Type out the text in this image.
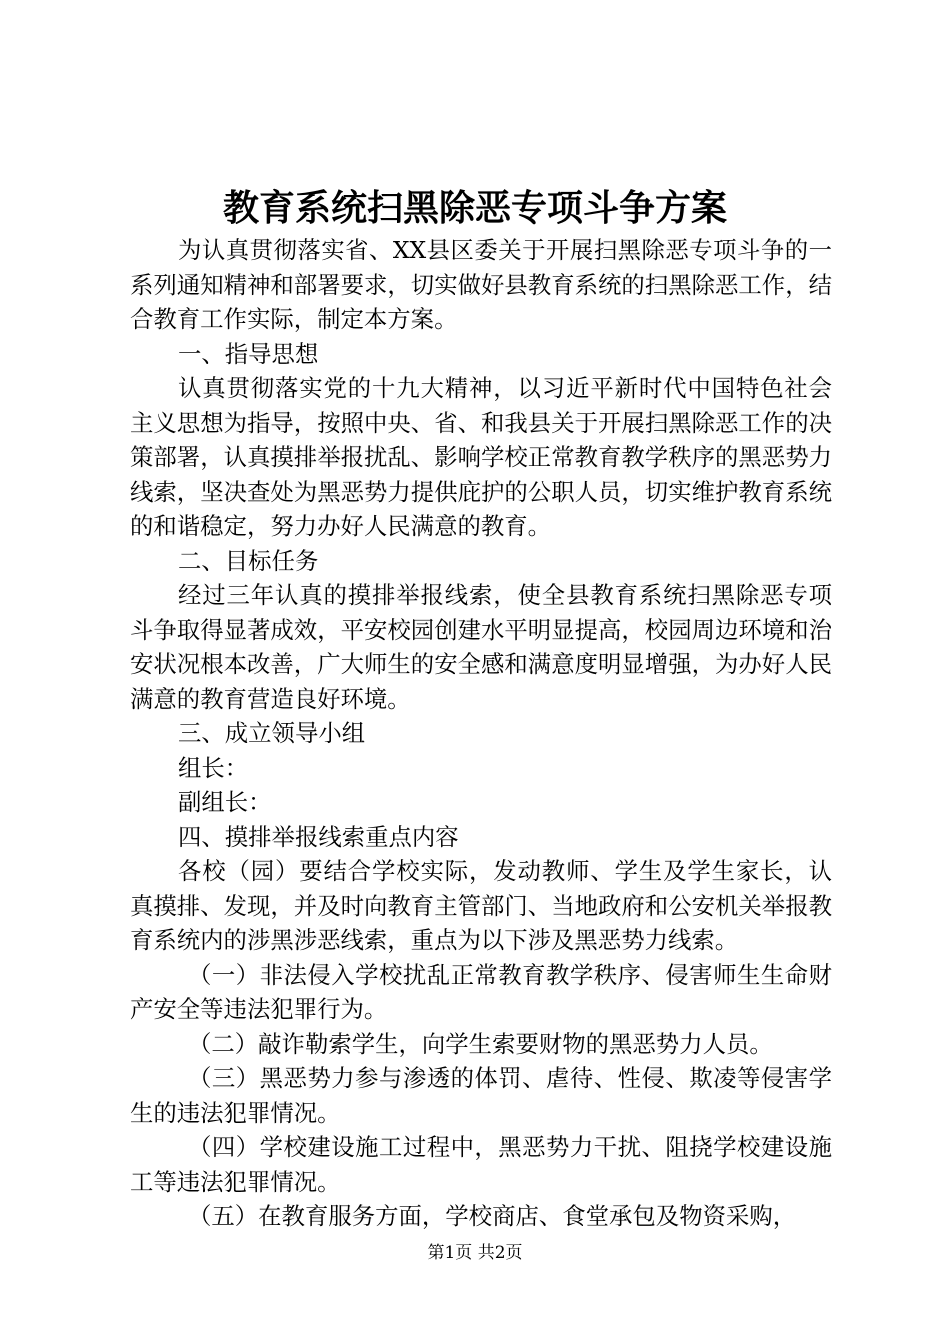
教育系统扫黑除恶专项斗争方案

为认真贯彻落实省、XX县区委关于开展扫黑除恶专项斗争的一系列通知精神和部署要求，切实做好县教育系统的扫黑除恶工作，结合教育工作实际，制定本方案。

一、指导思想

认真贯彻落实党的十九大精神，以习近平新时代中国特色社会主义思想为指导，按照中央、省、和我县关于开展扫黑除恶工作的决策部署，认真摸排举报扰乱、影响学校正常教育教学秩序的黑恶势力线索，坚决查处为黑恶势力提供庇护的公职人员，切实维护教育系统的和谐稳定，努力办好人民满意的教育。

二、目标任务

经过三年认真的摸排举报线索，使全县教育系统扫黑除恶专项斗争取得显著成效，平安校园创建水平明显提高，校园周边环境和治安状况根本改善，广大师生的安全感和满意度明显增强，为办好人民满意的教育营造良好环境。

三、成立领导小组

组长：

副组长：

四、摸排举报线索重点内容

各校（园）要结合学校实际，发动教师、学生及学生家长，认真摸排、发现，并及时向教育主管部门、当地政府和公安机关举报教育系统内的涉黑涉恶线索，重点为以下涉及黑恶势力线索。

（一）非法侵入学校扰乱正常教育教学秩序、侵害师生生命财产安全等违法犯罪行为。

（二）敲诈勒索学生，向学生索要财物的黑恶势力人员。

（三）黑恶势力参与渗透的体罚、虐待、性侵、欺凌等侵害学生的违法犯罪情况。

（四）学校建设施工过程中，黑恶势力干扰、阻挠学校建设施工等违法犯罪情况。

（五）在教育服务方面，学校商店、食堂承包及物资采购，

第1页 共2页
